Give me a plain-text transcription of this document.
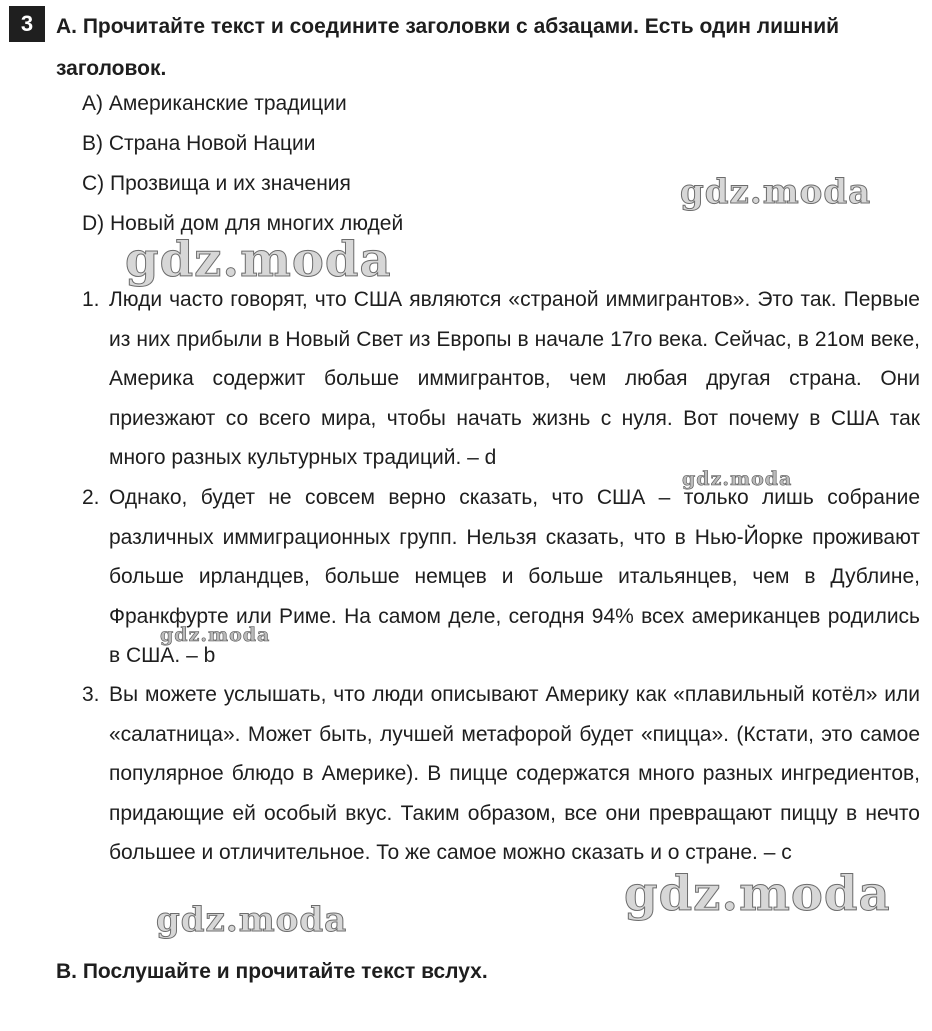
3	A. Прочитайте текст и соедините заголовки с абзацами. Есть один лишний заголовок.

A) Американские традиции
B) Страна Новой Нации
C) Прозвища и их значения
D) Новый дом для многих людей
1. Люди часто говорят, что США являются «страной иммигрантов». Это так. Первые из них прибыли в Новый Свет из Европы в начале 17го века. Сейчас, в 21ом веке, Америка содержит больше иммигрантов, чем любая другая страна. Они приезжают со всего мира, чтобы начать жизнь с нуля. Вот почему в США так много разных культурных традиций. – d
2. Однако, будет не совсем верно сказать, что США – только лишь собрание различных иммиграционных групп. Нельзя сказать, что в Нью-Йорке проживают больше ирландцев, больше немцев и больше итальянцев, чем в Дублине, Франкфурте или Риме. На самом деле, сегодня 94% всех американцев родились в США. – b
3. Вы можете услышать, что люди описывают Америку как «плавильный котёл» или «салатница». Может быть, лучшей метафорой будет «пицца». (Кстати, это самое популярное блюдо в Америке). В пицце содержатся много разных ингредиентов, придающие ей особый вкус. Таким образом, все они превращают пиццу в нечто большее и отличительное. То же самое можно сказать и о стране. – c

B. Послушайте и прочитайте текст вслух.

gdz.moda
gdz.moda
gdz.moda
gdz.moda
gdz.moda
gdz.moda
